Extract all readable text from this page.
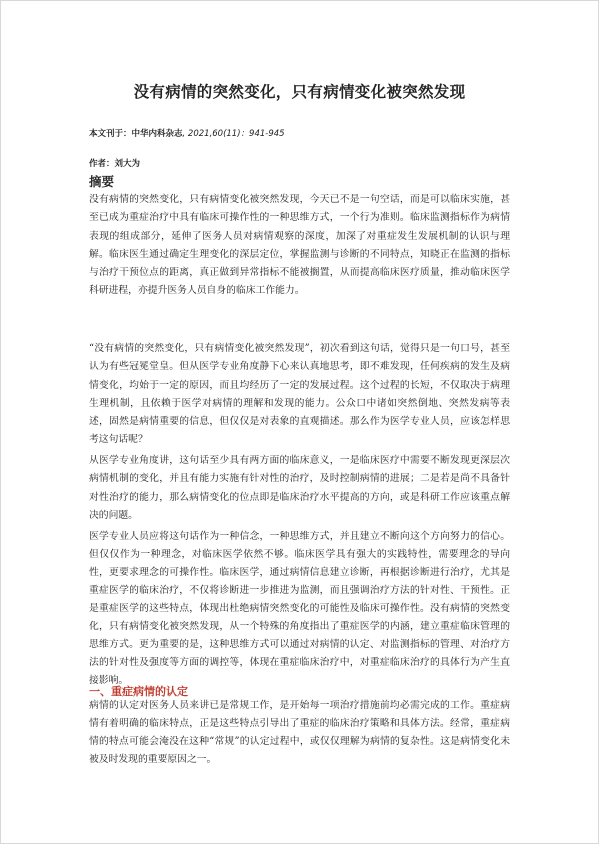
没有病情的突然变化，只有病情变化被突然发现
本文刊于：中华内科杂志, 2021,60(11)：941-945
作者：刘大为
摘要

没有病情的突然变化，只有病情变化被突然发现，今天已不是一句空话，而是可以临床实施，甚至已成为重症治疗中具有临床可操作性的一种思维方式，一个行为准则。临床监测指标作为病情表现的组成部分，延伸了医务人员对病情观察的深度，加深了对重症发生发展机制的认识与理解。临床医生通过确定生理变化的深层定位，掌握监测与诊断的不同特点，知晓正在监测的指标与治疗干预位点的距离，真正做到异常指标不能被搁置，从而提高临床医疗质量，推动临床医学科研进程，亦提升医务人员自身的临床工作能力。

“没有病情的突然变化，只有病情变化被突然发现”，初次看到这句话，觉得只是一句口号，甚至认为有些冠冕堂皇。但从医学专业角度静下心来认真地思考，即不难发现，任何疾病的发生及病情变化，均始于一定的原因，而且均经历了一定的发展过程。这个过程的长短，不仅取决于病理生理机制，且依赖于医学对病情的理解和发现的能力。公众口中诸如突然倒地、突然发病等表述，固然是病情重要的信息，但仅仅是对表象的直观描述。那么作为医学专业人员，应该怎样思考这句话呢？

从医学专业角度讲，这句话至少具有两方面的临床意义，一是临床医疗中需要不断发现更深层次病情机制的变化，并且有能力实施有针对性的治疗，及时控制病情的进展；二是若是尚不具备针对性治疗的能力，那么病情变化的位点即是临床治疗水平提高的方向，或是科研工作应该重点解决的问题。

医学专业人员应将这句话作为一种信念，一种思维方式，并且建立不断向这个方向努力的信心。但仅仅作为一种理念，对临床医学依然不够。临床医学具有强大的实践特性，需要理念的导向性，更要求理念的可操作性。临床医学，通过病情信息建立诊断，再根据诊断进行治疗，尤其是重症医学的临床治疗，不仅将诊断进一步推进为监测，而且强调治疗方法的针对性、干预性。正是重症医学的这些特点，体现出杜绝病情突然变化的可能性及临床可操作性。没有病情的突然变化，只有病情变化被突然发现，从一个特殊的角度指出了重症医学的内涵，建立重症临床管理的思维方式。更为重要的是，这种思维方式可以通过对病情的认定、对监测指标的管理、对治疗方法的针对性及强度等方面的调控等，体现在重症临床治疗中，对重症临床治疗的具体行为产生直接影响。

一、重症病情的认定

病情的认定对医务人员来讲已是常规工作，是开始每一项治疗措施前均必需完成的工作。重症病情有着明确的临床特点，正是这些特点引导出了重症的临床治疗策略和具体方法。经常，重症病情的特点可能会淹没在这种“常规”的认定过程中，或仅仅理解为病情的复杂性。这是病情变化未被及时发现的重要原因之一。
